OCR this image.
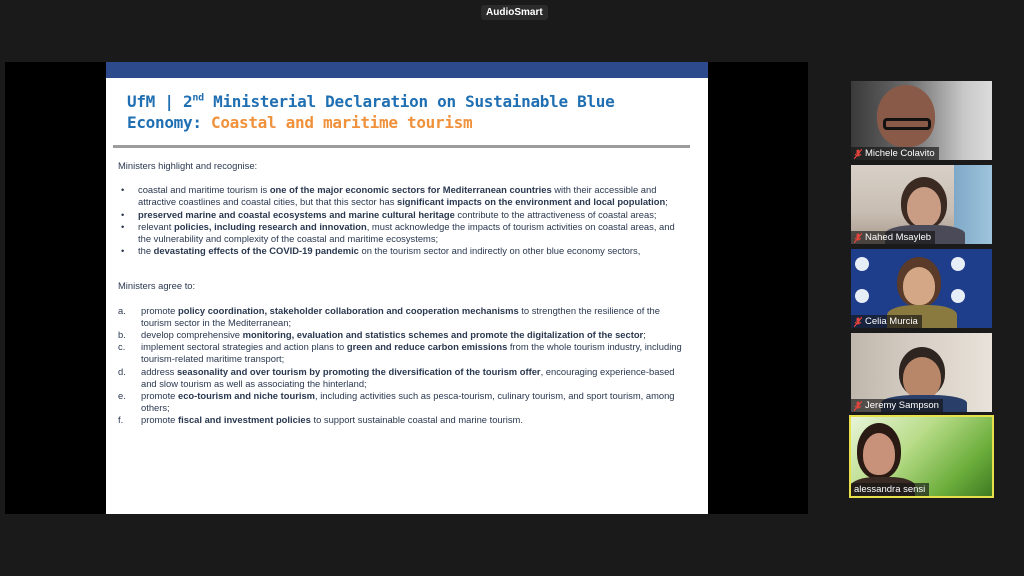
AudioSmart
UfM | 2nd Ministerial Declaration on Sustainable Blue
Economy: Coastal and maritime tourism
Ministers highlight and recognise:
• coastal and maritime tourism is one of the major economic sectors for Mediterranean countries with their accessible and attractive coastlines and coastal cities, but that this sector has significant impacts on the environment and local population;
• preserved marine and coastal ecosystems and marine cultural heritage contribute to the attractiveness of coastal areas;
• relevant policies, including research and innovation, must acknowledge the impacts of tourism activities on coastal areas, and the vulnerability and complexity of the coastal and maritime ecosystems;
• the devastating effects of the COVID-19 pandemic on the tourism sector and indirectly on other blue economy sectors,
Ministers agree to:
a. promote policy coordination, stakeholder collaboration and cooperation mechanisms to strengthen the resilience of the tourism sector in the Mediterranean;
b. develop comprehensive monitoring, evaluation and statistics schemes and promote the digitalization of the sector;
c. implement sectoral strategies and action plans to green and reduce carbon emissions from the whole tourism industry, including tourism-related maritime transport;
d. address seasonality and over tourism by promoting the diversification of the tourism offer, encouraging experience-based and slow tourism as well as associating the hinterland;
e. promote eco-tourism and niche tourism, including activities such as pesca-tourism, culinary tourism, and sport tourism, among others;
f. promote fiscal and investment policies to support sustainable coastal and marine tourism.
Michele Colavito
Nahed Msayleb
Celia Murcia
Jeremy Sampson
alessandra sensi
